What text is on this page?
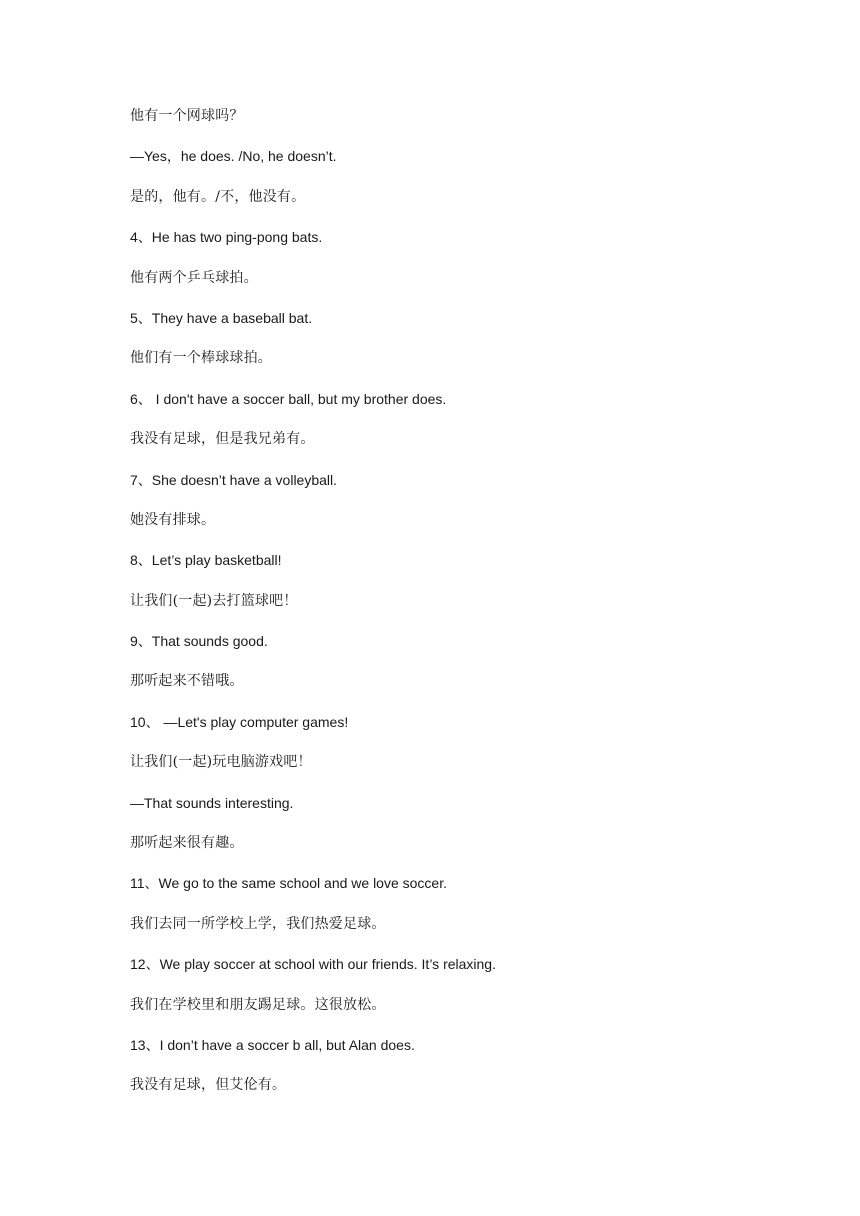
他有一个网球吗？
—Yes，he does. /No, he doesn’t.
是的，他有。/不，他没有。
4、He has two ping-pong bats.
他有两个乒乓球拍。
5、They have a baseball bat.
他们有一个棒球球拍。
6、 I don't have a soccer ball, but my brother does.
我没有足球，但是我兄弟有。
7、She doesn’t have a volleyball.
她没有排球。
8、Let’s play basketball!
让我们(一起)去打篮球吧！
9、That sounds good.
那听起来不错哦。
10、 —Let's play computer games!
让我们(一起)玩电脑游戏吧！
—That sounds interesting.
那听起来很有趣。
11、We go to the same school and we love soccer.
我们去同一所学校上学，我们热爱足球。
12、We play soccer at school with our friends. It’s relaxing.
我们在学校里和朋友踢足球。这很放松。
13、I don’t have a soccer b all, but Alan does.
我没有足球，但艾伦有。
